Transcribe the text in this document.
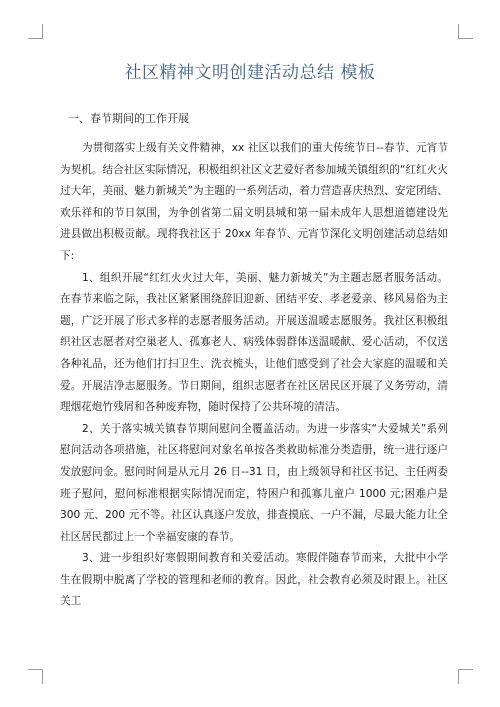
社区精神文明创建活动总结 模板
一、春节期间的工作开展

为贯彻落实上级有关文件精神，xx 社区以我们的重大传统节日--春节、元宵节为契机。结合社区实际情况，积极组织社区文艺爱好者参加城关镇组织的“红红火火过大年，美丽、魅力新城关”为主题的一系列活动，着力营造喜庆热烈、安定团结、欢乐祥和的节日氛围，为争创省第二届文明县城和第一届未成年人思想道德建设先进县做出积极贡献。现将我社区于 20xx 年春节、元宵节深化文明创建活动总结如下:

1、组织开展“红红火火过大年，美丽、魅力新城关”为主题志愿者服务活动。在春节来临之际，我社区紧紧围绕辞旧迎新、团结平安、孝老爱亲、移风易俗为主题，广泛开展了形式多样的志愿者服务活动。开展送温暖志愿服务。我社区积极组织社区志愿者对空巢老人、孤寡老人、病残体弱群体送温暖献、爱心活动，不仅送各种礼品，还为他们打扫卫生、洗衣梳头，让他们感受到了社会大家庭的温暖和关爱。开展洁净志愿服务。节日期间，组织志愿者在社区居民区开展了义务劳动，清理烟花炮竹残屑和各种废弃物，随时保持了公共环境的清洁。

2、关于落实城关镇春节期间慰问全覆盖活动。为进一步落实“大爱城关”系列慰问活动各项措施，社区将慰问对象名单按各类救助标准分类造册，统一进行逐户发放慰问金。慰问时间是从元月 26 日--31 日，由上级领导和社区书记、主任两委班子慰问，慰问标准根据实际情况而定，特困户和孤寡儿童户 1000 元;困难户是 300 元、200 元不等。社区认真逐户发放，排查摸底、一户不漏，尽最大能力让全社区居民都过上一个幸福安康的春节。

3、进一步组织好寒假期间教育和关爱活动。寒假伴随春节而来，大批中小学生在假期中脱离了学校的管理和老师的教育。因此，社会教育必须及时跟上。社区关工
